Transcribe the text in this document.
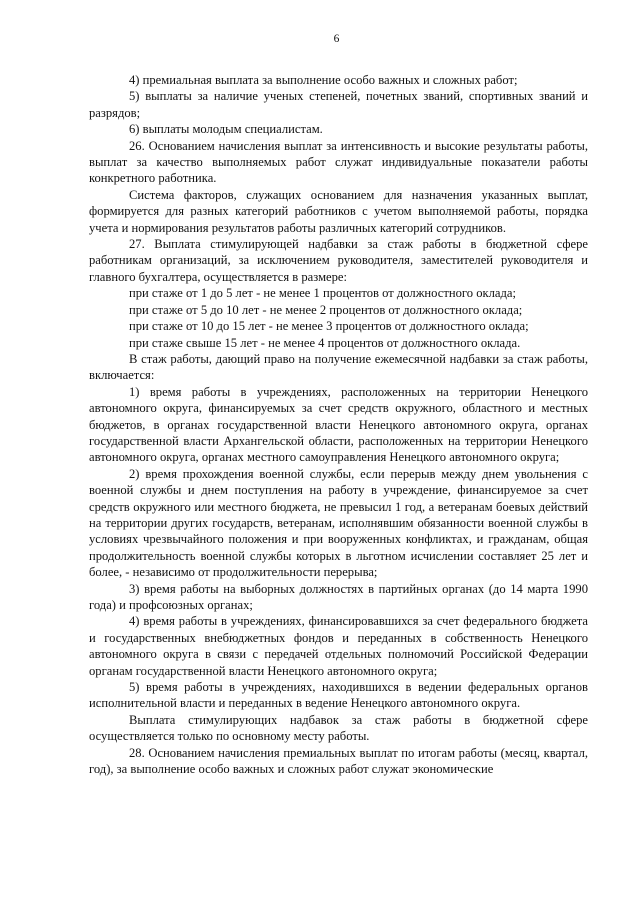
6

4) премиальная выплата за выполнение особо важных и сложных работ;

5) выплаты за наличие ученых степеней, почетных званий, спортивных званий и разрядов;

6) выплаты молодым специалистам.

26. Основанием начисления выплат за интенсивность и высокие результаты работы, выплат за качество выполняемых работ служат индивидуальные показатели работы конкретного работника.

Система факторов, служащих основанием для назначения указанных выплат, формируется для разных категорий работников с учетом выполняемой работы, порядка учета и нормирования результатов работы различных категорий сотрудников.

27. Выплата стимулирующей надбавки за стаж работы в бюджетной сфере работникам организаций, за исключением руководителя, заместителей руководителя и главного бухгалтера, осуществляется в размере:

при стаже от 1 до 5 лет - не менее 1 процентов от должностного оклада;

при стаже от 5 до 10 лет - не менее 2 процентов от должностного оклада;

при стаже от 10 до 15 лет - не менее 3 процентов от должностного оклада;

при стаже свыше 15 лет - не менее 4 процентов от должностного оклада.

В стаж работы, дающий право на получение ежемесячной надбавки за стаж работы, включается:

1) время работы в учреждениях, расположенных на территории Ненецкого автономного округа, финансируемых за счет средств окружного, областного и местных бюджетов, в органах государственной власти Ненецкого автономного округа, органах государственной власти Архангельской области, расположенных на территории Ненецкого автономного округа, органах местного самоуправления Ненецкого автономного округа;

2) время прохождения военной службы, если перерыв между днем увольнения с военной службы и днем поступления на работу в учреждение, финансируемое за счет средств окружного или местного бюджета, не превысил 1 год, а ветеранам боевых действий на территории других государств, ветеранам, исполнявшим обязанности военной службы в условиях чрезвычайного положения и при вооруженных конфликтах, и гражданам, общая продолжительность военной службы которых в льготном исчислении составляет 25 лет и более, - независимо от продолжительности перерыва;

3) время работы на выборных должностях в партийных органах (до 14 марта 1990 года) и профсоюзных органах;

4) время работы в учреждениях, финансировавшихся за счет федерального бюджета и государственных внебюджетных фондов и переданных в собственность Ненецкого автономного округа в связи с передачей отдельных полномочий Российской Федерации органам государственной власти Ненецкого автономного округа;

5) время работы в учреждениях, находившихся в ведении федеральных органов исполнительной власти и переданных в ведение Ненецкого автономного округа.

Выплата стимулирующих надбавок за стаж работы в бюджетной сфере осуществляется только по основному месту работы.

28. Основанием начисления премиальных выплат по итогам работы (месяц, квартал, год), за выполнение особо важных и сложных работ служат экономические
